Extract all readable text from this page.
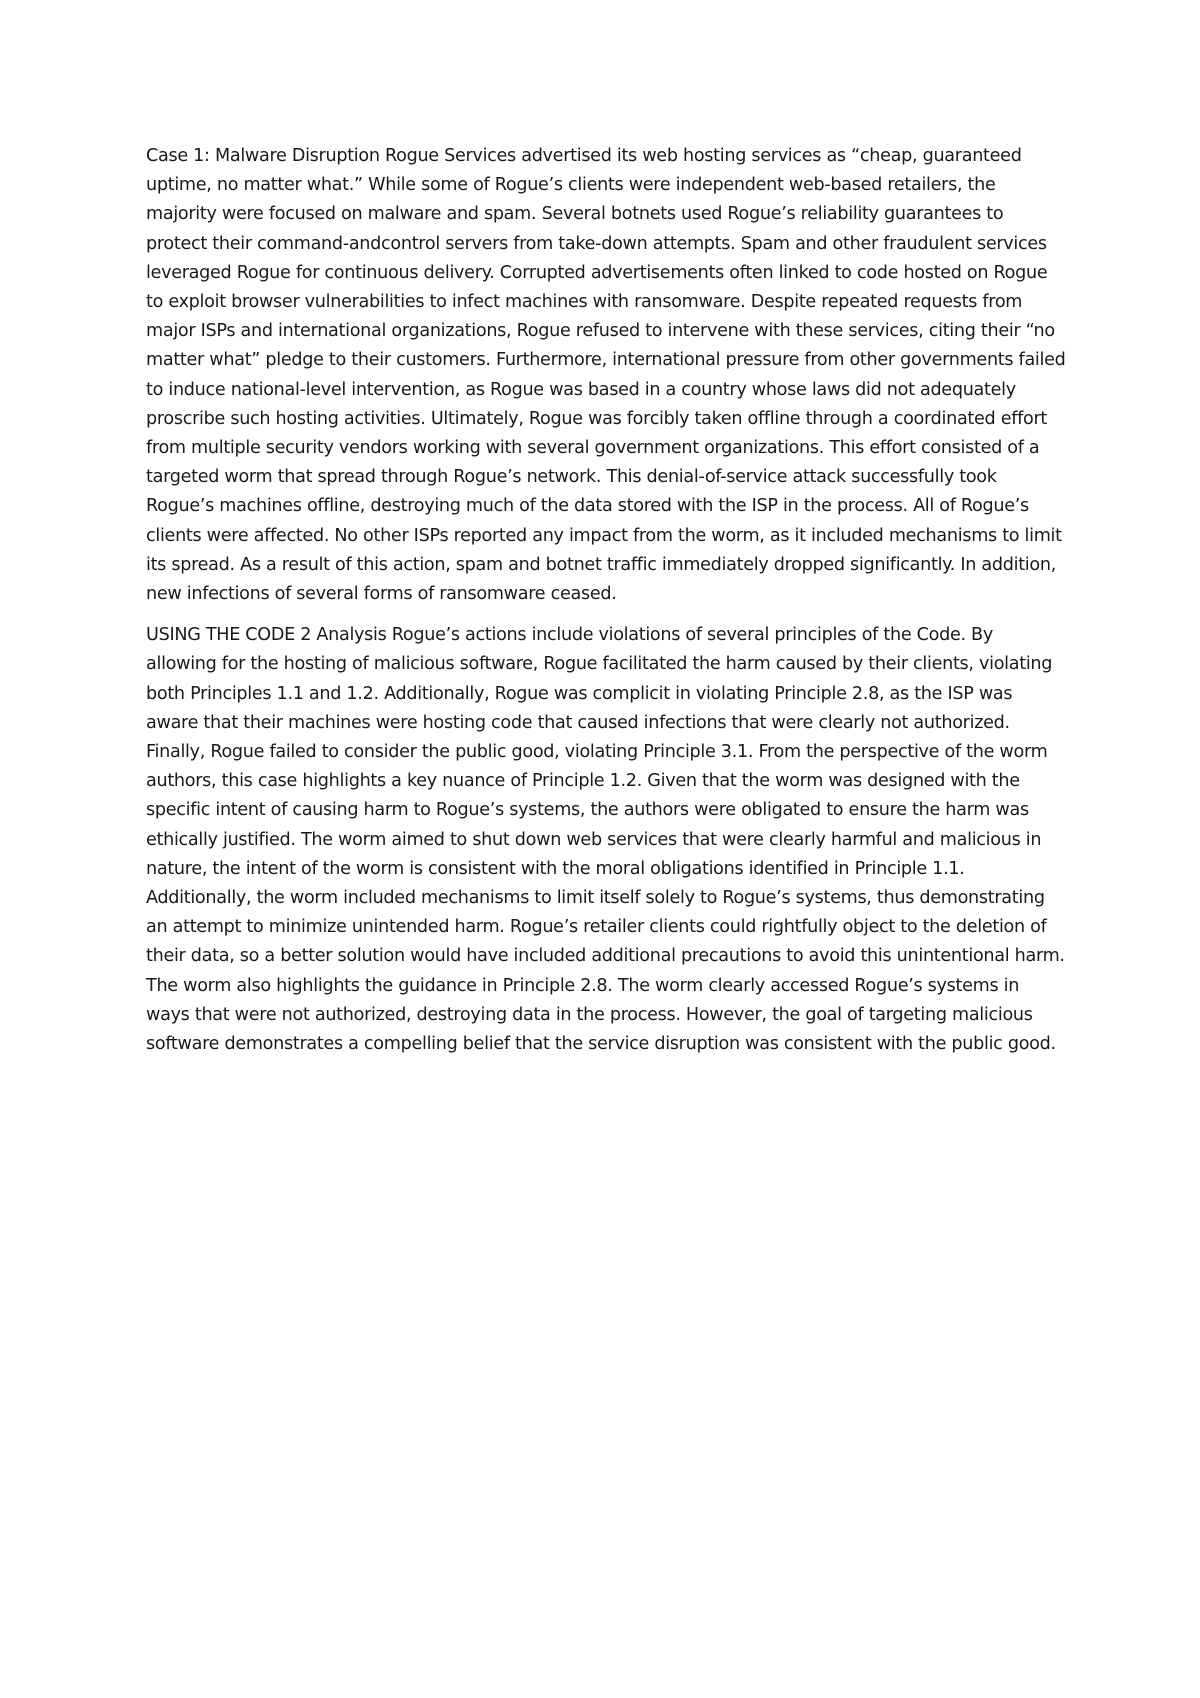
Case 1: Malware Disruption Rogue Services advertised its web hosting services as “cheap, guaranteed uptime, no matter what.” While some of Rogue’s clients were independent web-based retailers, the majority were focused on malware and spam. Several botnets used Rogue’s reliability guarantees to protect their command-andcontrol servers from take-down attempts. Spam and other fraudulent services leveraged Rogue for continuous delivery. Corrupted advertisements often linked to code hosted on Rogue to exploit browser vulnerabilities to infect machines with ransomware. Despite repeated requests from major ISPs and international organizations, Rogue refused to intervene with these services, citing their “no matter what” pledge to their customers. Furthermore, international pressure from other governments failed to induce national-level intervention, as Rogue was based in a country whose laws did not adequately proscribe such hosting activities. Ultimately, Rogue was forcibly taken offline through a coordinated effort from multiple security vendors working with several government organizations. This effort consisted of a targeted worm that spread through Rogue’s network. This denial-of-service attack successfully took Rogue’s machines offline, destroying much of the data stored with the ISP in the process. All of Rogue’s clients were affected. No other ISPs reported any impact from the worm, as it included mechanisms to limit its spread. As a result of this action, spam and botnet traffic immediately dropped significantly. In addition, new infections of several forms of ransomware ceased.

USING THE CODE 2 Analysis Rogue’s actions include violations of several principles of the Code. By allowing for the hosting of malicious software, Rogue facilitated the harm caused by their clients, violating both Principles 1.1 and 1.2. Additionally, Rogue was complicit in violating Principle 2.8, as the ISP was aware that their machines were hosting code that caused infections that were clearly not authorized. Finally, Rogue failed to consider the public good, violating Principle 3.1. From the perspective of the worm authors, this case highlights a key nuance of Principle 1.2. Given that the worm was designed with the specific intent of causing harm to Rogue’s systems, the authors were obligated to ensure the harm was ethically justified. The worm aimed to shut down web services that were clearly harmful and malicious in nature, the intent of the worm is consistent with the moral obligations identified in Principle 1.1. Additionally, the worm included mechanisms to limit itself solely to Rogue’s systems, thus demonstrating an attempt to minimize unintended harm. Rogue’s retailer clients could rightfully object to the deletion of their data, so a better solution would have included additional precautions to avoid this unintentional harm. The worm also highlights the guidance in Principle 2.8. The worm clearly accessed Rogue’s systems in ways that were not authorized, destroying data in the process. However, the goal of targeting malicious software demonstrates a compelling belief that the service disruption was consistent with the public good.
